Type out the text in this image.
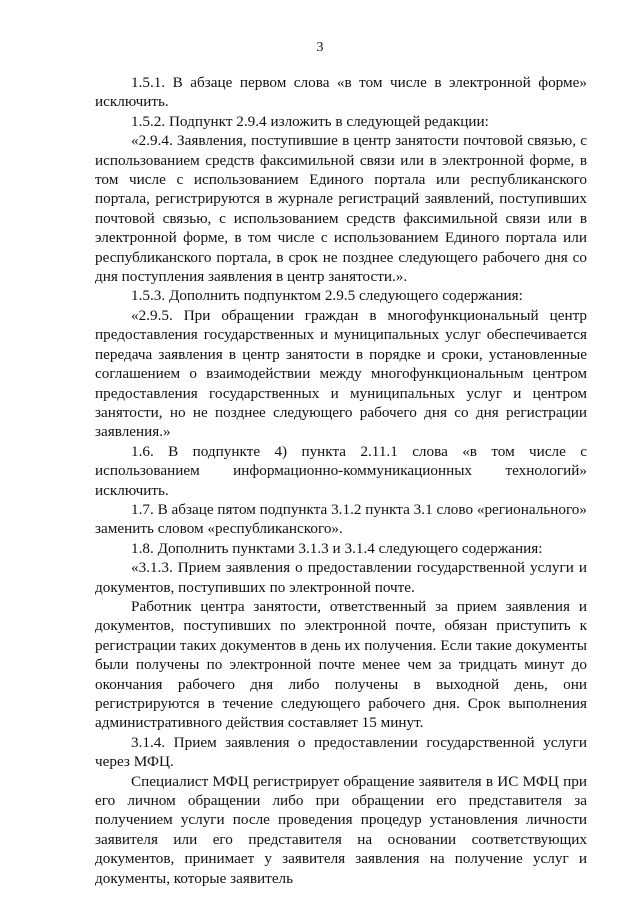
3

1.5.1. В абзаце первом слова «в том числе в электронной форме» исключить.

1.5.2. Подпункт 2.9.4 изложить в следующей редакции:

«2.9.4. Заявления, поступившие в центр занятости почтовой связью, с использованием средств факсимильной связи или в электронной форме, в том числе с использованием Единого портала или республиканского портала, регистрируются в журнале регистраций заявлений, поступивших почтовой связью, с использованием средств факсимильной связи или в электронной форме, в том числе с использованием Единого портала или республиканского портала, в срок не позднее следующего рабочего дня со дня поступления заявления в центр занятости.».

1.5.3. Дополнить подпунктом 2.9.5 следующего содержания:

«2.9.5. При обращении граждан в многофункциональный центр предоставления государственных и муниципальных услуг обеспечивается передача заявления в центр занятости в порядке и сроки, установленные соглашением о взаимодействии между многофункциональным центром предоставления государственных и муниципальных услуг и центром занятости, но не позднее следующего рабочего дня со дня регистрации заявления.»

1.6. В подпункте 4) пункта 2.11.1 слова «в том числе с использованием информационно-коммуникационных технологий» исключить.

1.7. В абзаце пятом подпункта 3.1.2 пункта 3.1 слово «регионального» заменить словом «республиканского».

1.8. Дополнить пунктами 3.1.3 и 3.1.4 следующего содержания:

«3.1.3. Прием заявления о предоставлении государственной услуги и документов, поступивших по электронной почте.

Работник центра занятости, ответственный за прием заявления и документов, поступивших по электронной почте, обязан приступить к регистрации таких документов в день их получения. Если такие документы были получены по электронной почте менее чем за тридцать минут до окончания рабочего дня либо получены в выходной день, они регистрируются в течение следующего рабочего дня. Срок выполнения административного действия составляет 15 минут.

3.1.4. Прием заявления о предоставлении государственной услуги через МФЦ.

Специалист МФЦ регистрирует обращение заявителя в ИС МФЦ при его личном обращении либо при обращении его представителя за получением услуги после проведения процедур установления личности заявителя или его представителя на основании соответствующих документов, принимает у заявителя заявления на получение услуг и документы, которые заявитель
